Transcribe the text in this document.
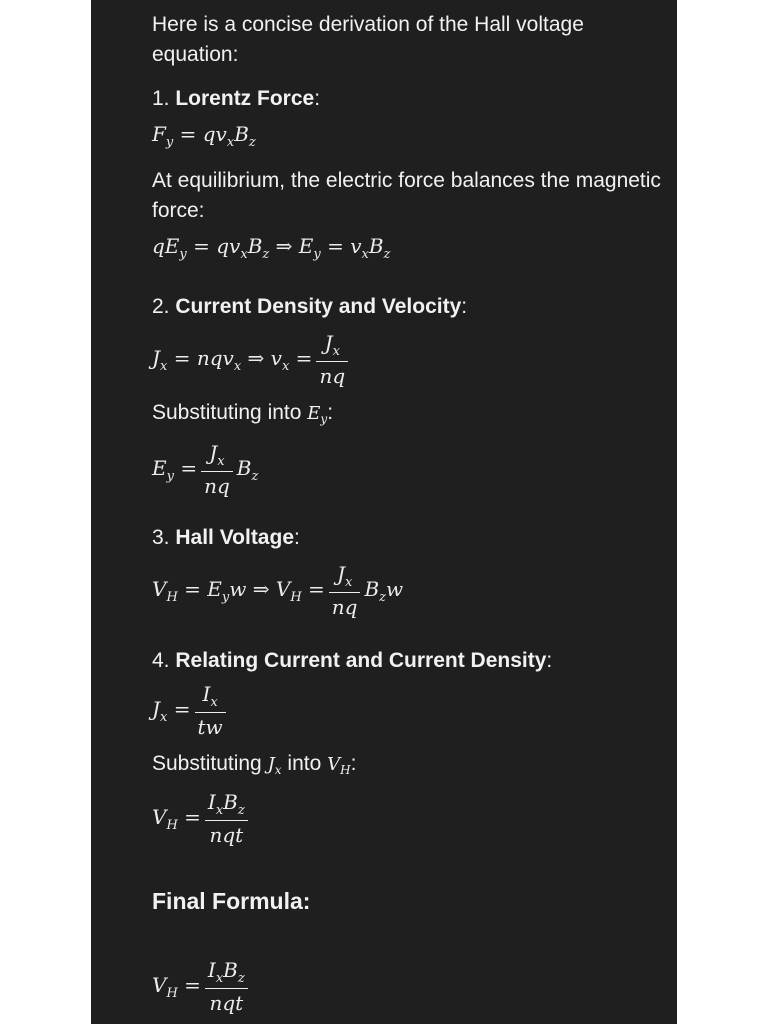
Here is a concise derivation of the Hall voltage equation:
1. Lorentz Force:
$F_y = qv_xB_z$
At equilibrium, the electric force balances the magnetic force:
$qE_y = qv_xB_z$ ⇒ $E_y = v_xB_z$
2. Current Density and Velocity:
$J_x = nqv_x$ ⇒ $v_x = \frac{J_x}{nq}$
Substituting into $E_y$:
$E_y = \frac{J_x}{nq} B_z$
3. Hall Voltage:
$V_H = E_yw$ ⇒ $V_H = \frac{J_x}{nq} B_zw$
4. Relating Current and Current Density:
$J_x = \frac{I_x}{tw}$
Substituting $J_x$ into $V_H$:
$V_H = \frac{I_xB_z}{\text{nqt}}$
Final Formula:
$V_H = \frac{I_xB_z}{\text{nqt}}$
